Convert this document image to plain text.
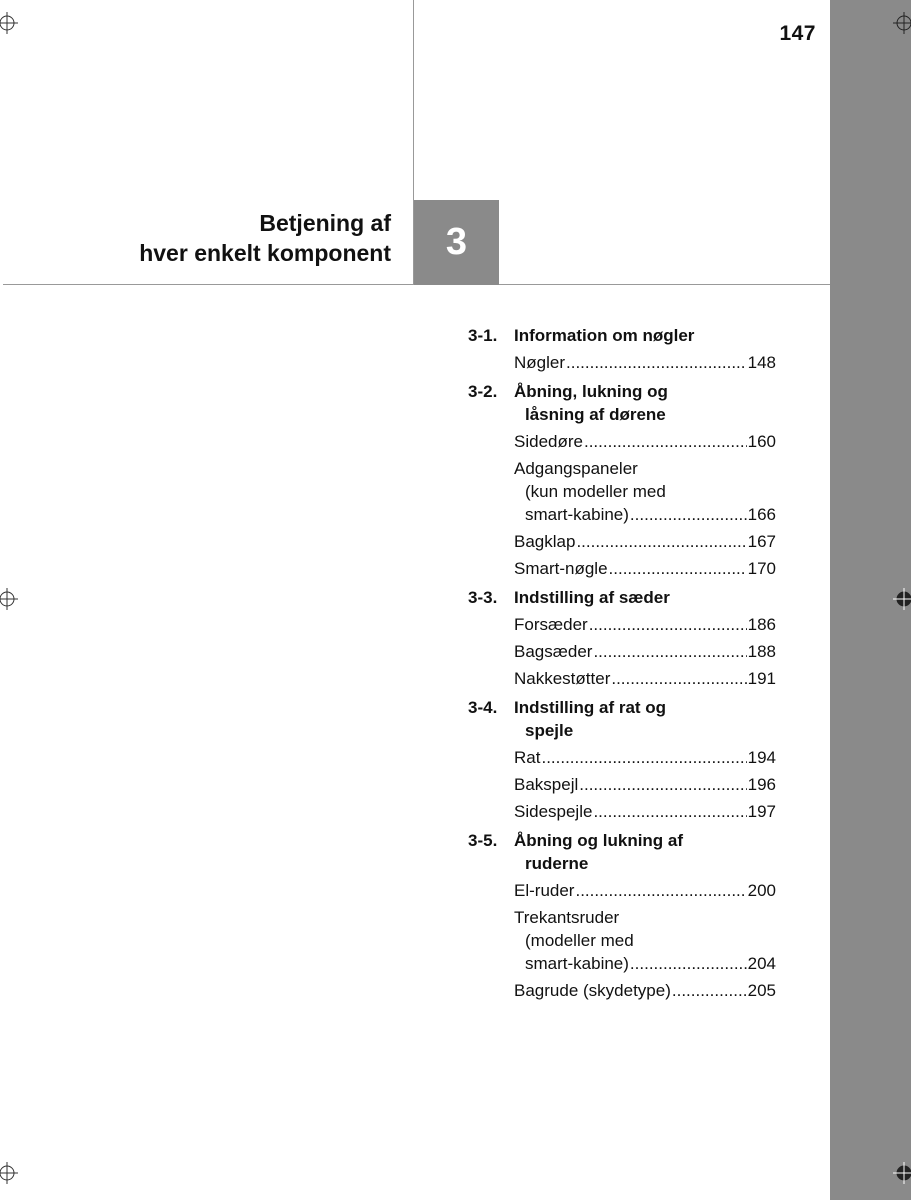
147
Betjening af
hver enkelt komponent	3
3-1. Information om nøgler
Nøgler .....	148
3-2. Åbning, lukning og
låsning af dørene
Sidedøre .....	160
Adgangspaneler
(kun modeller med
smart-kabine) .....	166
Bagklap .....	167
Smart-nøgle .....	170
3-3. Indstilling af sæder
Forsæder .....	186
Bagsæder .....	188
Nakkestøtter .....	191
3-4. Indstilling af rat og
spejle
Rat .....	194
Bakspejl .....	196
Sidespejle .....	197
3-5. Åbning og lukning af
ruderne
El-ruder .....	200
Trekantsruder
(modeller med
smart-kabine) .....	204
Bagrude (skydetype) .....	205
